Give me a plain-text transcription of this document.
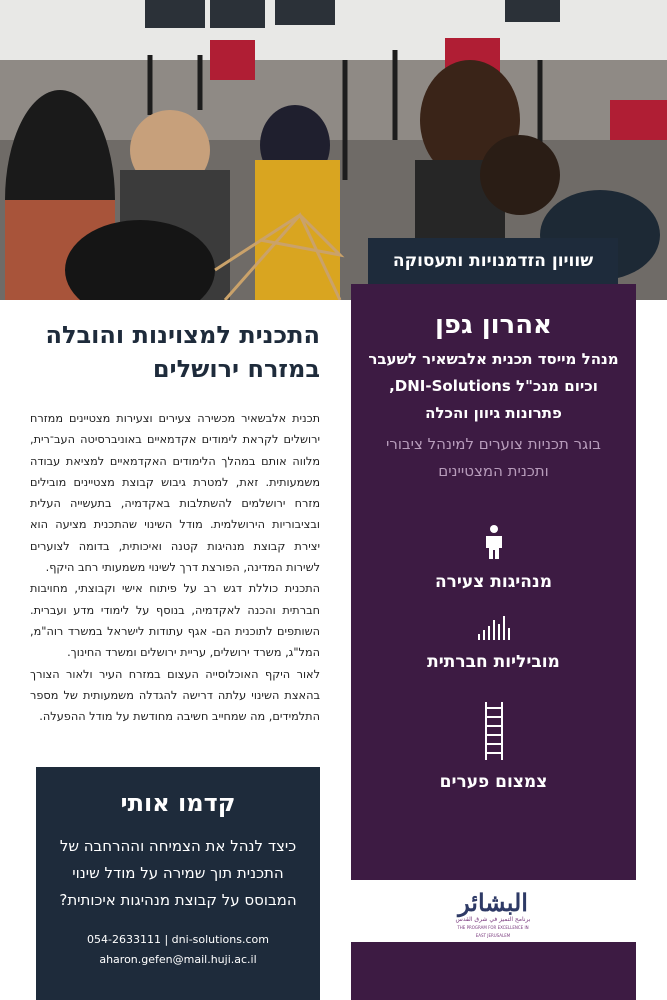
שוויון הזדמנויות ותעסוקה
אהרון גפן
מנהל מייסד תכנית אלבשאיר לשעבר
וכיום מנכ"ל DNI-Solutions,
פתרונות גיוון והכלה
בוגר תכניות צוערים למינהל ציבורי
ותכנית המצטיינים
מנהיגות צעירה
מוביליות חברתית
צמצום פערים
البشائر
برنامج التميز في شرق القدس
THE PROGRAM FOR EXCELLENCE IN EAST JERUSALEM
התכנית למצוינות והובלה
במזרח ירושלים

תכנית אלבשאיר מכשירה צעירים וצעירות מצטיינים ממזרח ירושלים לקראת לימודים אקדמאיים באוניברסיטה העב־רית, מלווה אותם במהלך הלימודים האקדמאיים למציאת עבודה משמעותית. זאת, למטרת גיבוש קבוצת מצטיינים מובילים מזרח ירושלמים להשתלבות באקדמיה, בתעשייה העלית ובציבוריות הירושלמית. מודל השינוי שהתכנית מציעה הוא יצירת קבוצת מנהיגות קטנה ואיכותית, בדומה לצוערים לשירות המדינה, הפורצת דרך לשינוי משמעותי רחב היקף.

התכנית כוללת דגש רב על פיתוח אישי וקבוצתי, מחויבות חברתית והכנה לאקדמיה, בנוסף על לימודי מדע ועברית. השותפים לתוכנית הם- אגף עתודות לישראל במשרד רוה"מ, המל"ג, משרד ירושלים, עריית ירושלים ומשרד החינוך.

לאור היקף האוכלוסייה העצום במזרח העיר ולאור הצורך בהאצת השינוי עלתה דרישה להגדלה משמעותית של מספר התלמידים, מה שמחייב חשיבה מחודשת על מודל ההפעלה.

קדמו אותי
כיצד לנהל את הצמיחה וההרחבה של
התכנית תוך שמירה על מודל שינוי
המבוסס על קבוצת מנהיגות איכותית?
054-2633111 | dni-solutions.com
aharon.gefen@mail.huji.ac.il
